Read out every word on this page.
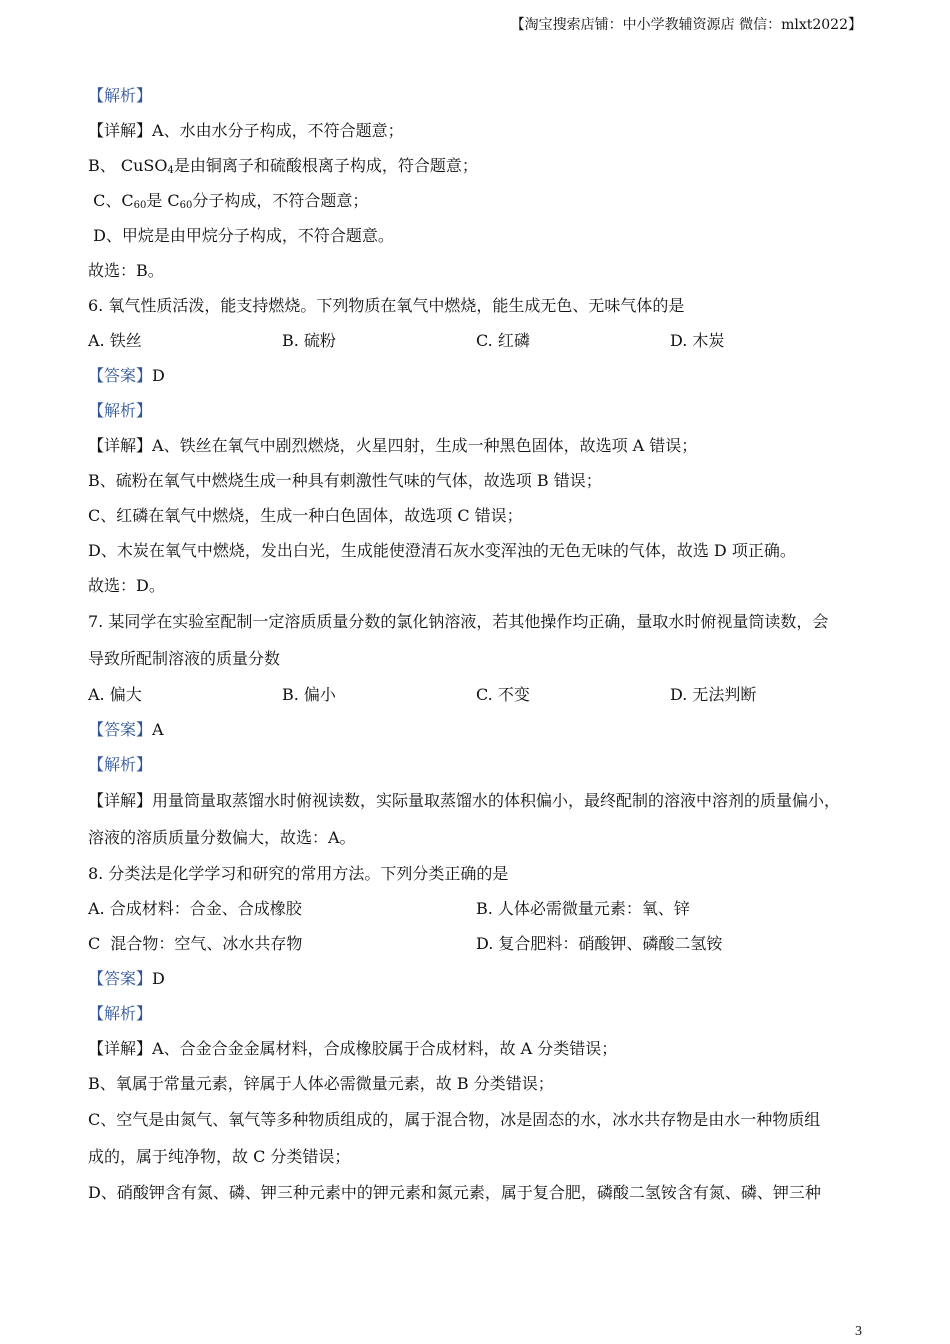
【淘宝搜索店铺：中小学教辅资源店 微信：mlxt2022】
【解析】
【详解】A、水由水分子构成，不符合题意；
B、 CuSO$_4$是由铜离子和硫酸根离子构成，符合题意；
C、$C_{60}$是 $C_{60}$分子构成，不符合题意；
D、甲烷是由甲烷分子构成，不符合题意。
故选：B。
6. 氧气性质活泼，能支持燃烧。下列物质在氧气中燃烧，能生成无色、无味气体的是
A. 铁丝	B. 硫粉	C. 红磷	D. 木炭
【答案】D
【解析】
【详解】A、铁丝在氧气中剧烈燃烧，火星四射，生成一种黑色固体，故选项 A 错误；
B、硫粉在氧气中燃烧生成一种具有刺激性气味的气体，故选项 B 错误；
C、红磷在氧气中燃烧，生成一种白色固体，故选项 C 错误；
D、木炭在氧气中燃烧，发出白光，生成能使澄清石灰水变浑浊的无色无味的气体，故选 D 项正确。
故选：D。
7. 某同学在实验室配制一定溶质质量分数的氯化钠溶液，若其他操作均正确，量取水时俯视量筒读数，会
导致所配制溶液的质量分数
A. 偏大	B. 偏小	C. 不变	D. 无法判断
【答案】A
【解析】
【详解】用量筒量取蒸馏水时俯视读数，实际量取蒸馏水的体积偏小，最终配制的溶液中溶剂的质量偏小，
溶液的溶质质量分数偏大，故选：A。
8. 分类法是化学学习和研究的常用方法。下列分类正确的是
A. 合成材料：合金、合成橡胶	B. 人体必需微量元素：氧、锌
C  混合物：空气、冰水共存物	D. 复合肥料：硝酸钾、磷酸二氢铵
【答案】D
【解析】
【详解】A、合金合金金属材料，合成橡胶属于合成材料，故 A 分类错误；
B、氧属于常量元素，锌属于人体必需微量元素，故 B 分类错误；
C、空气是由氮气、氧气等多种物质组成的，属于混合物，冰是固态的水，冰水共存物是由水一种物质组
成的，属于纯净物，故 C 分类错误；
D、硝酸钾含有氮、磷、钾三种元素中的钾元素和氮元素，属于复合肥，磷酸二氢铵含有氮、磷、钾三种
3
